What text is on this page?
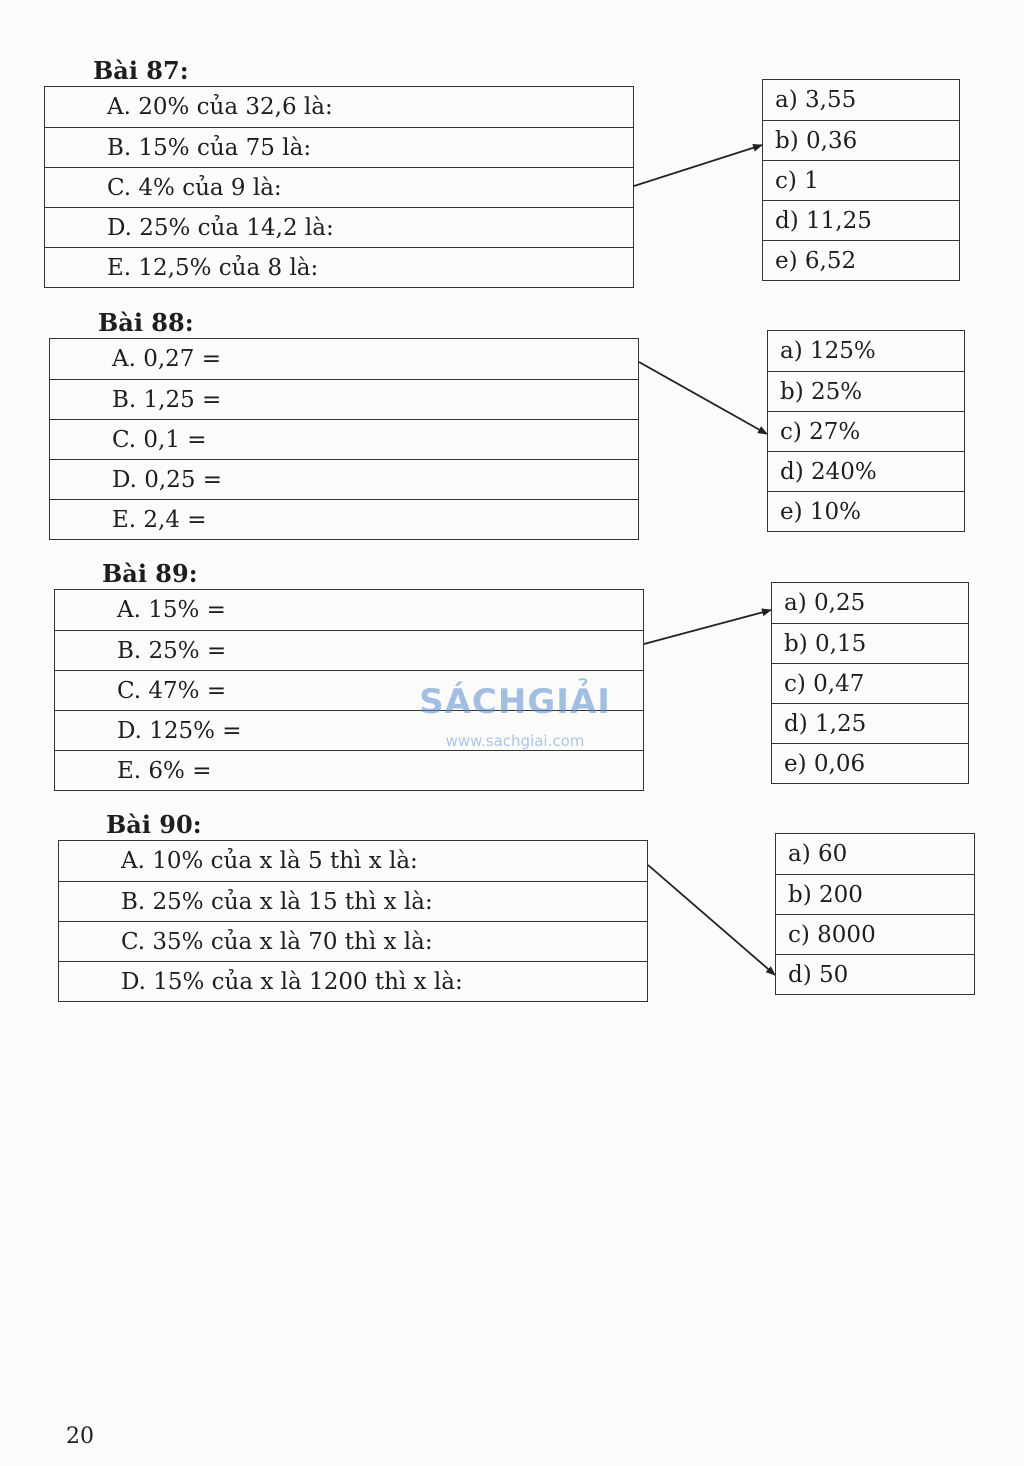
Bài 87:
A. 20% của 32,6 là:
B. 15% của 75 là:
C. 4% của 9 là:
D. 25% của 14,2 là:
E. 12,5% của 8 là:
a) 3,55
b) 0,36
c) 1
d) 11,25
e) 6,52
Bài 88:
A. 0,27 =
B. 1,25 =
C. 0,1 =
D. 0,25 =
E. 2,4 =
a) 125%
b) 25%
c) 27%
d) 240%
e) 10%
Bài 89:
A. 15% =
B. 25% =
C. 47% =
D. 125% =
E. 6% =
a) 0,25
b) 0,15
c) 0,47
d) 1,25
e) 0,06
Bài 90:
A. 10% của x là 5 thì x là:
B. 25% của x là 15 thì x là:
C. 35% của x là 70 thì x là:
D. 15% của x là 1200 thì x là:
a) 60
b) 200
c) 8000
d) 50
SÁCHGIẢI
www.sachgiai.com
20
